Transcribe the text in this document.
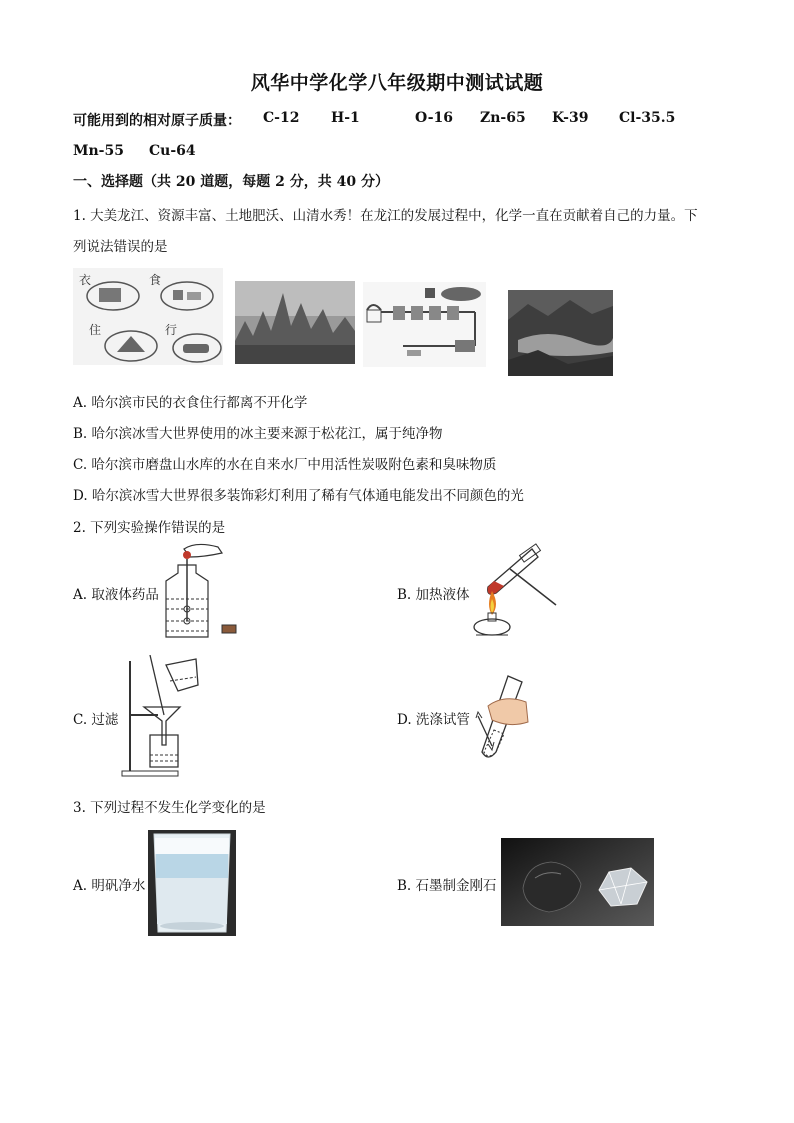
风华中学化学八年级期中测试试题
可能用到的相对原子质量： C-12 H-1	O-16 Zn-65 K-39 Cl-35.5
Mn-55 Cu-64
一、选择题（共 20 道题，每题 2 分，共 40 分）
1. 大美龙江、资源丰富、土地肥沃、山清水秀！在龙江的发展过程中，化学一直在贡献着自己的力量。下
列说法错误的是
衣	食
住	行
A. 哈尔滨市民的衣食住行都离不开化学
B. 哈尔滨冰雪大世界使用的冰主要来源于松花江，属于纯净物
C. 哈尔滨市磨盘山水库的水在自来水厂中用活性炭吸附色素和臭味物质
D. 哈尔滨冰雪大世界很多装饰彩灯利用了稀有气体通电能发出不同颜色的光
2. 下列实验操作错误的是
A. 取液体药品	B. 加热液体
C. 过滤	D. 洗涤试管
3. 下列过程不发生化学变化的是
A. 明矾净水	B. 石墨制金刚石
